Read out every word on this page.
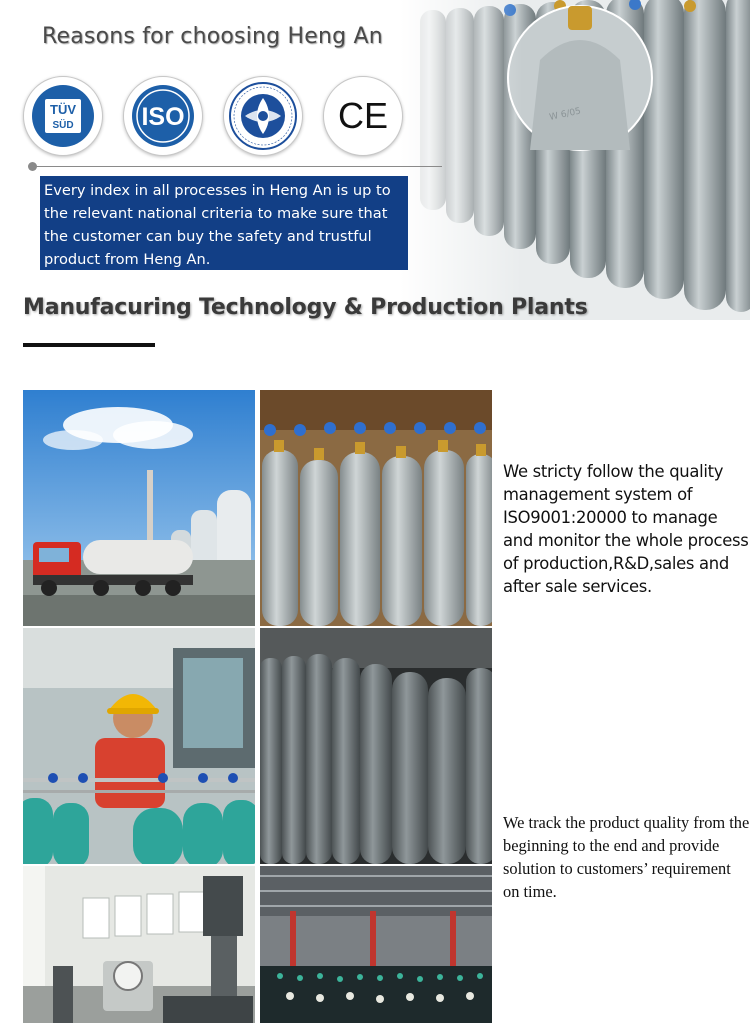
Reasons for choosing Heng An
TÜV
SÜD	ISO	CE
Every index in all processes in Heng An is up to the relevant national criteria to make sure that the customer can buy the safety and trustful product from Heng An.
Manufacuring Technology & Production Plants
We stricty follow the quality management system of ISO9001:20000 to manage and monitor the whole process of production,R&D,sales and after sale services.
We track the product quality from the beginning to the end and provide solution to customers’ requirement on time.
